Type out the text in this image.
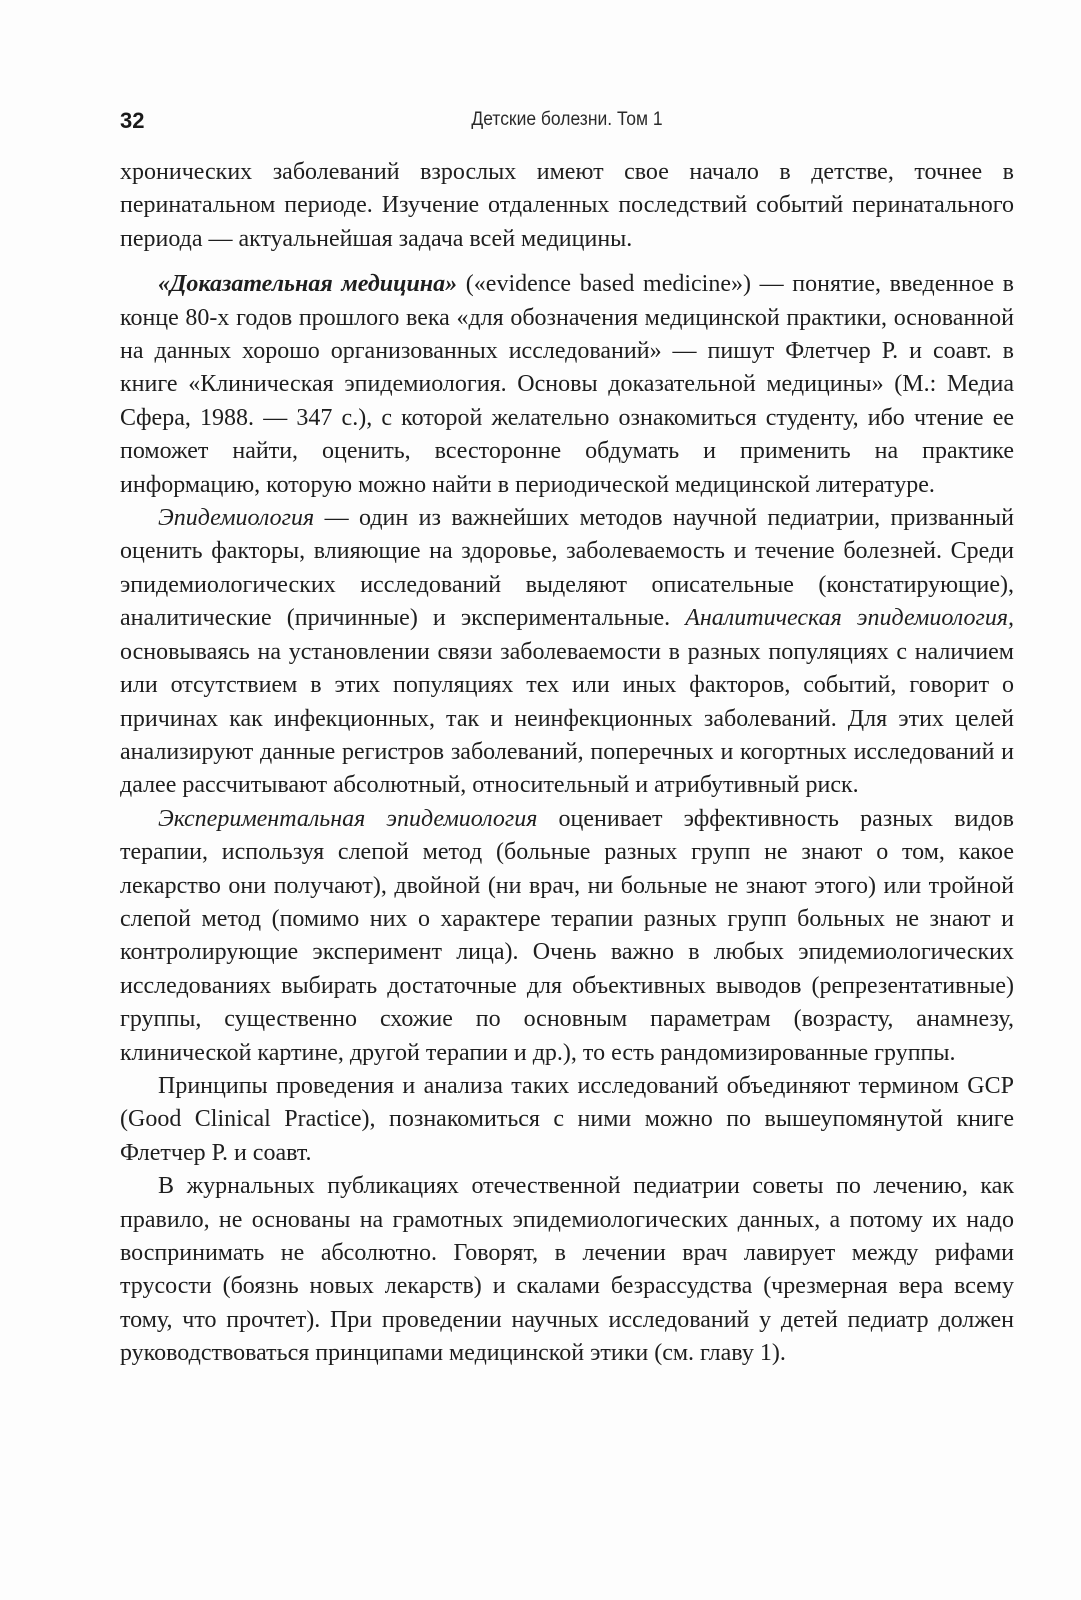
32	Детские болезни. Том 1

хронических заболеваний взрослых имеют свое начало в детстве, точнее в перинатальном периоде. Изучение отдаленных последствий событий перинатального периода — актуальнейшая задача всей медицины.

«Доказательная медицина» («evidence based medicine») — понятие, введенное в конце 80-х годов прошлого века «для обозначения медицинской практики, основанной на данных хорошо организованных исследований» — пишут Флетчер Р. и соавт. в книге «Клиническая эпидемиология. Основы доказательной медицины» (М.: Медиа Сфера, 1988. — 347 с.), с которой желательно ознакомиться студенту, ибо чтение ее поможет найти, оценить, всесторонне обдумать и применить на практике информацию, которую можно найти в периодической медицинской литературе.

Эпидемиология — один из важнейших методов научной педиатрии, призванный оценить факторы, влияющие на здоровье, заболеваемость и течение болезней. Среди эпидемиологических исследований выделяют описательные (констатирующие), аналитические (причинные) и экспериментальные. Аналитическая эпидемиология, основываясь на установлении связи заболеваемости в разных популяциях с наличием или отсутствием в этих популяциях тех или иных факторов, событий, говорит о причинах как инфекционных, так и неинфекционных заболеваний. Для этих целей анализируют данные регистров заболеваний, поперечных и когортных исследований и далее рассчитывают абсолютный, относительный и атрибутивный риск.

Экспериментальная эпидемиология оценивает эффективность разных видов терапии, используя слепой метод (больные разных групп не знают о том, какое лекарство они получают), двойной (ни врач, ни больные не знают этого) или тройной слепой метод (помимо них о характере терапии разных групп больных не знают и контролирующие эксперимент лица). Очень важно в любых эпидемиологических исследованиях выбирать достаточные для объективных выводов (репрезентативные) группы, существенно схожие по основным параметрам (возрасту, анамнезу, клинической картине, другой терапии и др.), то есть рандомизированные группы.

Принципы проведения и анализа таких исследований объединяют термином GCP (Good Clinical Practice), познакомиться с ними можно по вышеупомянутой книге Флетчер Р. и соавт.

В журнальных публикациях отечественной педиатрии советы по лечению, как правило, не основаны на грамотных эпидемиологических данных, а потому их надо воспринимать не абсолютно. Говорят, в лечении врач лавирует между рифами трусости (боязнь новых лекарств) и скалами безрассудства (чрезмерная вера всему тому, что прочтет). При проведении научных исследований у детей педиатр должен руководствоваться принципами медицинской этики (см. главу 1).
